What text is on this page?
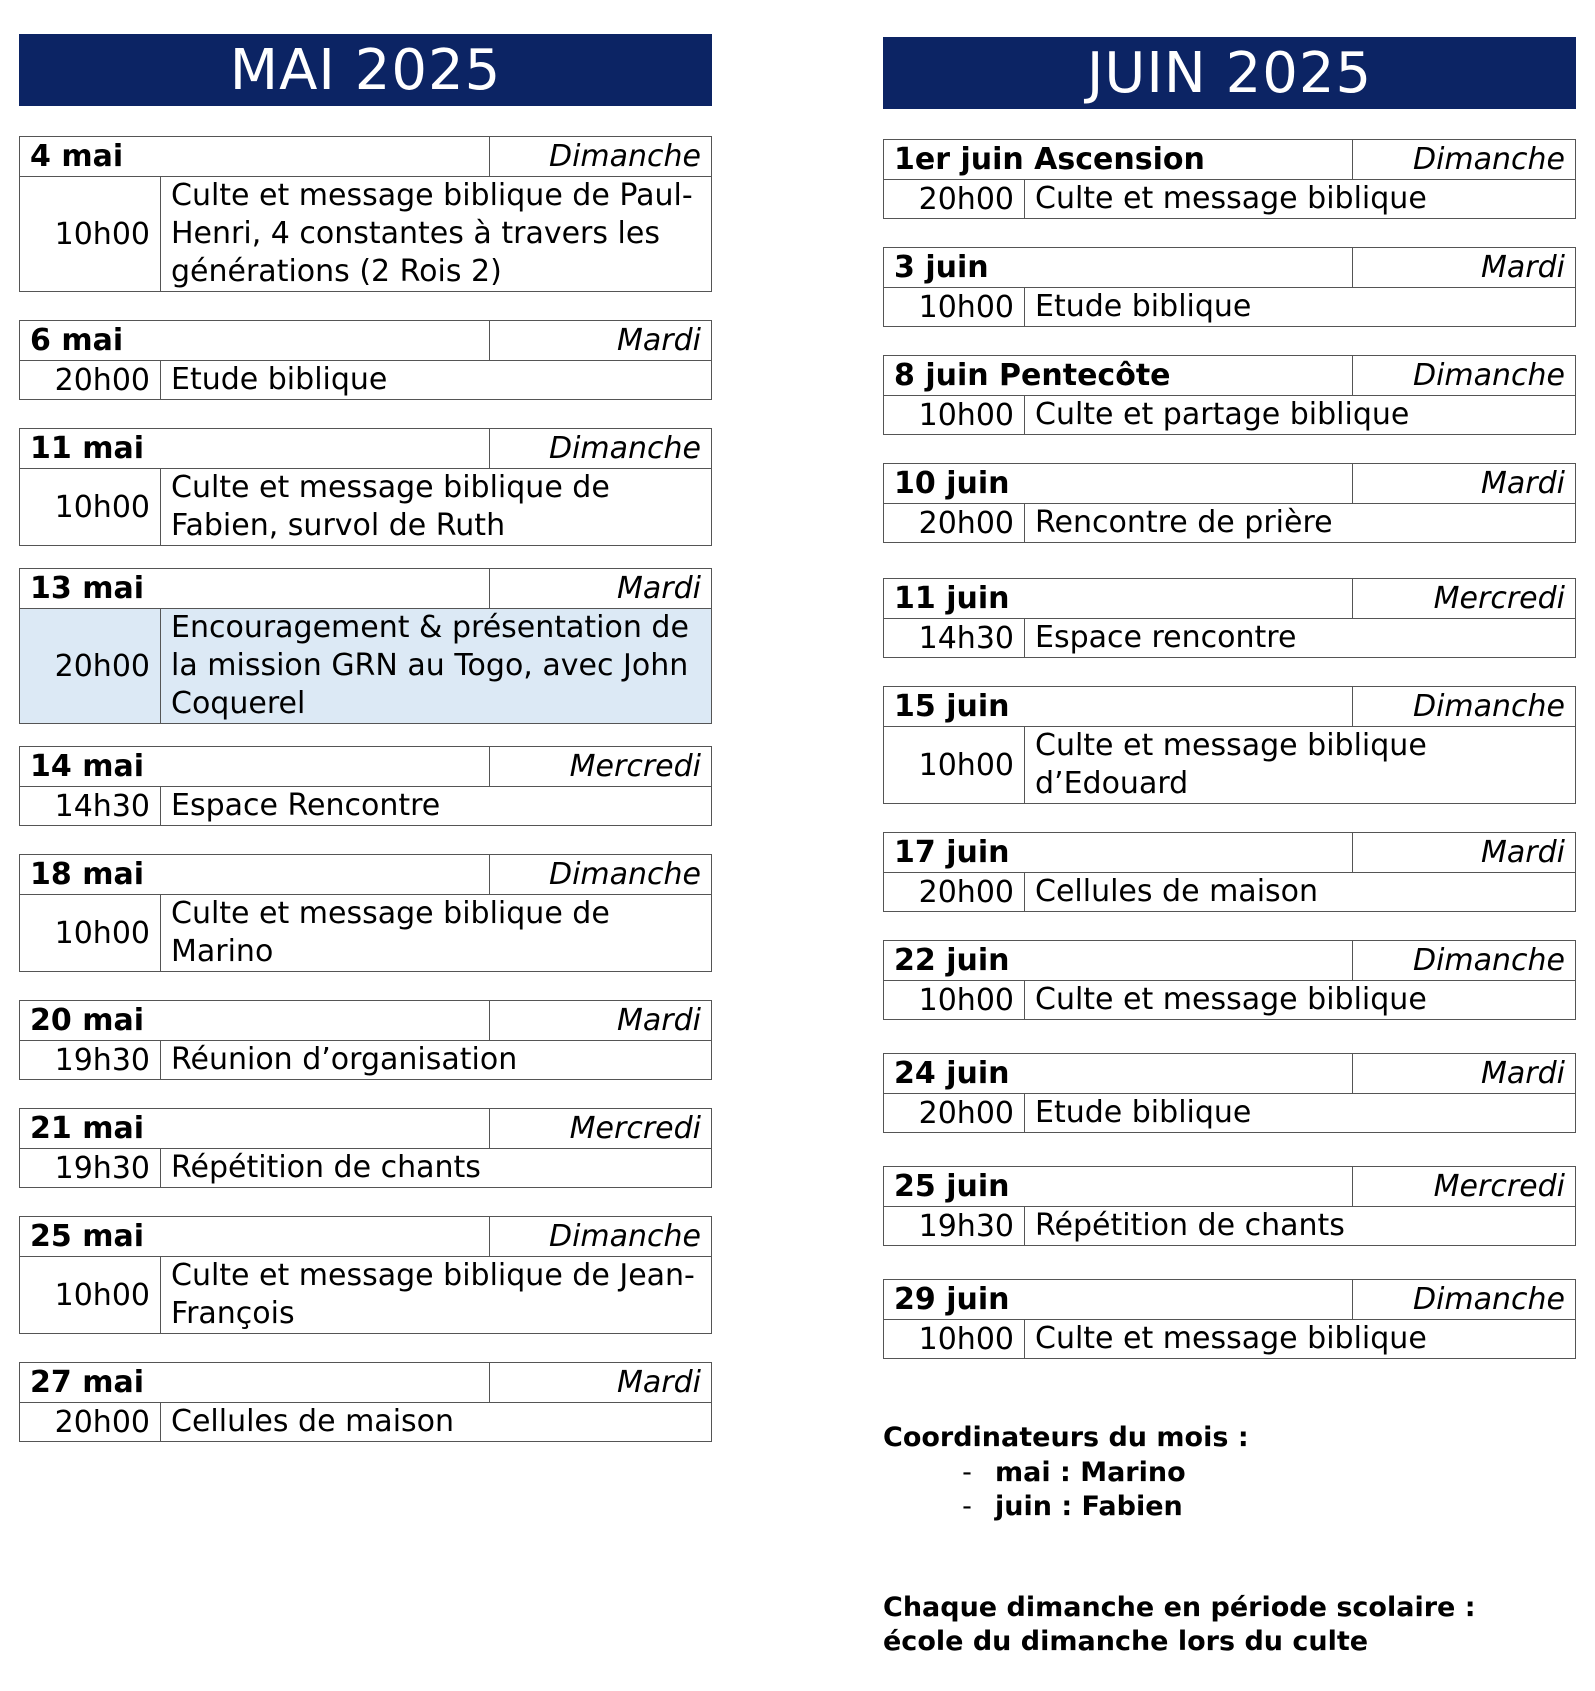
MAI 2025
4 mai	Dimanche
10h00
Culte et message biblique de Paul-Henri, 4 constantes à travers les générations (2 Rois 2)
6 mai	Mardi
20h00 Etude biblique
11 mai	Dimanche
10h00
Culte et message biblique de Fabien, survol de Ruth
13 mai	Mardi
20h00
Encouragement & présentation de la mission GRN au Togo, avec John Coquerel
14 mai	Mercredi
14h30 Espace Rencontre
18 mai	Dimanche
10h00
Culte et message biblique de Marino
20 mai	Mardi
19h30 Réunion d’organisation
21 mai	Mercredi
19h30 Répétition de chants
25 mai	Dimanche
10h00
Culte et message biblique de Jean-François
27 mai	Mardi
20h00 Cellules de maison
JUIN 2025
1er juin Ascension	Dimanche
20h00 Culte et message biblique
3 juin	Mardi
10h00 Etude biblique
8 juin Pentecôte	Dimanche
10h00 Culte et partage biblique
10 juin	Mardi
20h00 Rencontre de prière
11 juin	Mercredi
14h30 Espace rencontre
15 juin	Dimanche
10h00
Culte et message biblique d’Edouard
17 juin	Mardi
20h00 Cellules de maison
22 juin	Dimanche
10h00 Culte et message biblique
24 juin	Mardi
20h00 Etude biblique
25 juin	Mercredi
19h30 Répétition de chants
29 juin	Dimanche
10h00 Culte et message biblique
Coordinateurs du mois :
- mai : Marino
- juin : Fabien
Chaque dimanche en période scolaire :
école du dimanche lors du culte
